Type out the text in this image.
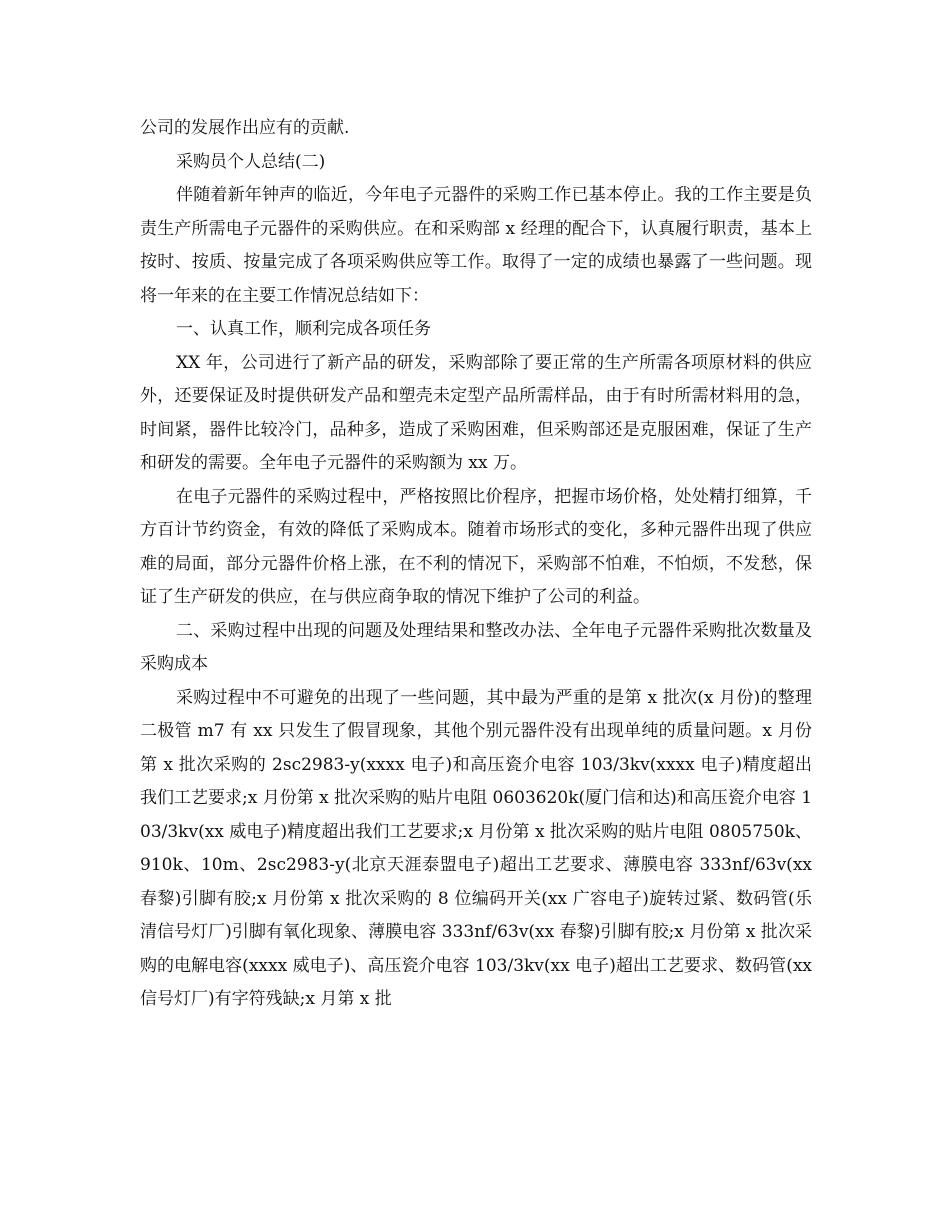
公司的发展作出应有的贡献.

采购员个人总结(二)

伴随着新年钟声的临近，今年电子元器件的采购工作已基本停止。我的工作主要是负责生产所需电子元器件的采购供应。在和采购部 x 经理的配合下，认真履行职责，基本上按时、按质、按量完成了各项采购供应等工作。取得了一定的成绩也暴露了一些问题。现将一年来的在主要工作情况总结如下：

一、认真工作，顺利完成各项任务

XX 年，公司进行了新产品的研发，采购部除了要正常的生产所需各项原材料的供应外，还要保证及时提供研发产品和塑壳未定型产品所需样品，由于有时所需材料用的急，时间紧，器件比较冷门，品种多，造成了采购困难，但采购部还是克服困难，保证了生产和研发的需要。全年电子元器件的采购额为 xx 万。

在电子元器件的采购过程中，严格按照比价程序，把握市场价格，处处精打细算，千方百计节约资金，有效的降低了采购成本。随着市场形式的变化，多种元器件出现了供应难的局面，部分元器件价格上涨，在不利的情况下，采购部不怕难，不怕烦，不发愁，保证了生产研发的供应，在与供应商争取的情况下维护了公司的利益。

二、采购过程中出现的问题及处理结果和整改办法、全年电子元器件采购批次数量及采购成本

采购过程中不可避免的出现了一些问题，其中最为严重的是第 x 批次(x 月份)的整理二极管 m7 有 xx 只发生了假冒现象，其他个别元器件没有出现单纯的质量问题。x 月份第 x 批次采购的 2sc2983-y(xxxx 电子)和高压瓷介电容 103/3kv(xxxx 电子)精度超出我们工艺要求;x 月份第 x 批次采购的贴片电阻 0603620k(厦门信和达)和高压瓷介电容 103/3kv(xx 威电子)精度超出我们工艺要求;x 月份第 x 批次采购的贴片电阻 0805750k、910k、10m、2sc2983-y(北京天涯泰盟电子)超出工艺要求、薄膜电容 333nf/63v(xx 春黎)引脚有胶;x 月份第 x 批次采购的 8 位编码开关(xx 广容电子)旋转过紧、数码管(乐清信号灯厂)引脚有氧化现象、薄膜电容 333nf/63v(xx 春黎)引脚有胶;x 月份第 x 批次采购的电解电容(xxxx 威电子)、高压瓷介电容 103/3kv(xx 电子)超出工艺要求、数码管(xx 信号灯厂)有字符残缺;x 月第 x 批
